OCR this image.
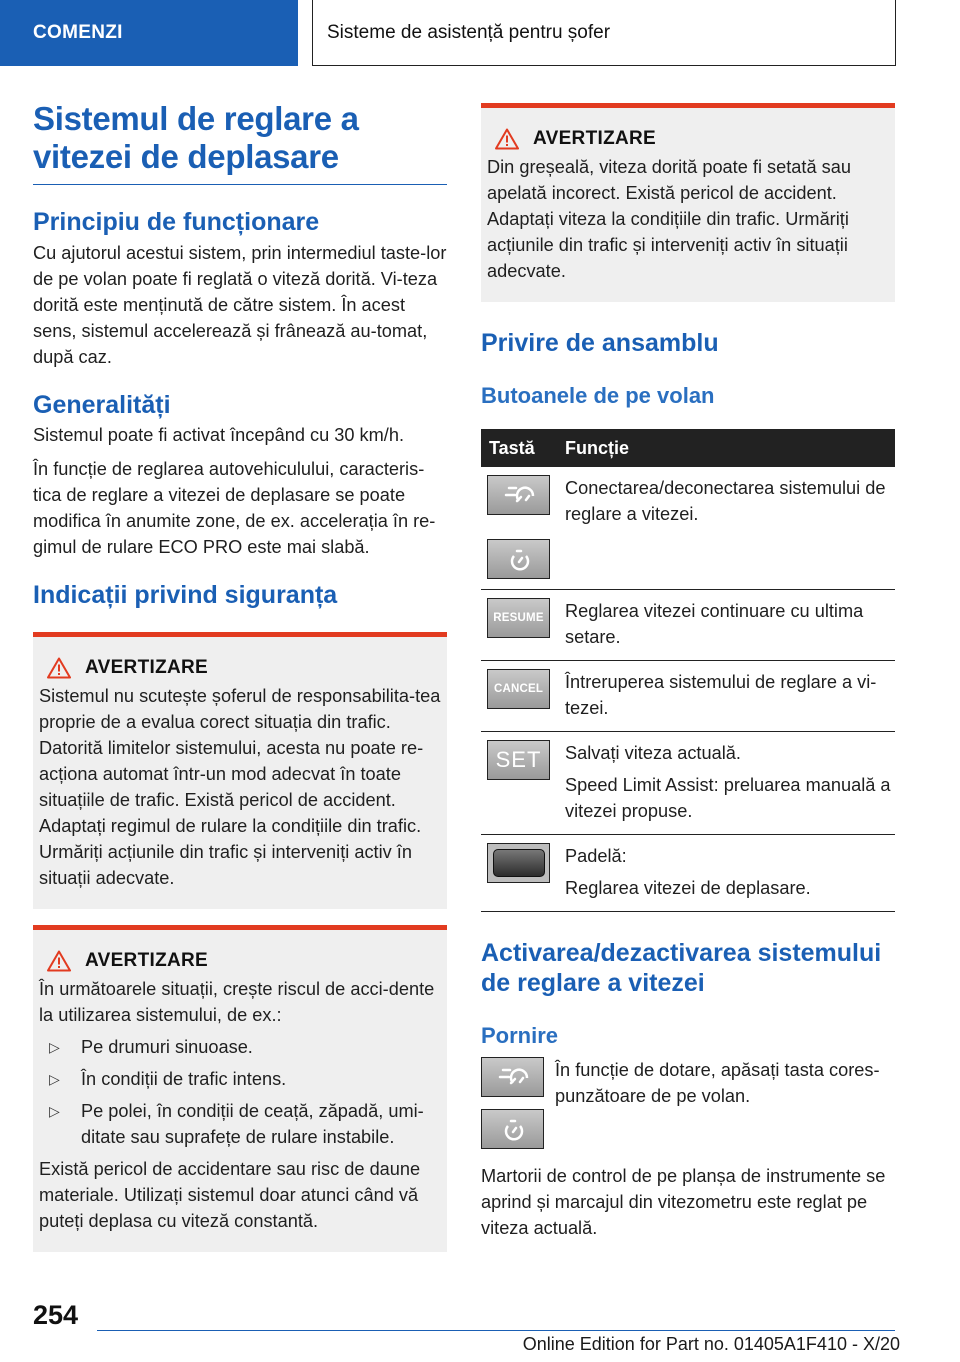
COMENZI	Sisteme de asistență pentru șofer
Sistemul de reglare a vitezei de deplasare
Principiu de funcționare

Cu ajutorul acestui sistem, prin intermediul taste-lor de pe volan poate fi reglată o viteză dorită. Vi-teza dorită este menținută de către sistem. În acest sens, sistemul accelerează și frânează au-tomat, după caz.

Generalități

Sistemul poate fi activat începând cu 30 km/h.

În funcție de reglarea autovehiculului, caracteris-tica de reglare a vitezei de deplasare se poate modifica în anumite zone, de ex. accelerația în re-gimul de rulare ECO PRO este mai slabă.

Indicații privind siguranța
AVERTIZARE

Sistemul nu scutește șoferul de responsabilita-tea proprie de a evalua corect situația din trafic. Datorită limitelor sistemului, acesta nu poate re-acționa automat într-un mod adecvat în toate situațiile de trafic. Există pericol de accident. Adaptați regimul de rulare la condițiile din trafic. Urmăriți acțiunile din trafic și interveniți activ în situații adecvate.

AVERTIZARE

În următoarele situații, crește riscul de acci-dente la utilizarea sistemului, de ex.:

▷	Pe drumuri sinuoase.
▷	În condiții de trafic intens.
▷	Pe polei, în condiții de ceață, zăpadă, umi-ditate sau suprafețe de rulare instabile.

Există pericol de accidentare sau risc de daune materiale. Utilizați sistemul doar atunci când vă puteți deplasa cu viteză constantă.

AVERTIZARE

Din greșeală, viteza dorită poate fi setată sau apelată incorect. Există pericol de accident. Adaptați viteza la condițiile din trafic. Urmăriți acțiunile din trafic și interveniți activ în situații adecvate.

Privire de ansamblu
Butoanele de pe volan
Tastă	Funcție

Conectarea/deconectarea sistemului de reglare a vitezei.

RESUME	Reglarea vitezei continuare cu ultima setare.

CANCEL	Întreruperea sistemului de reglare a vi-tezei.

SET	Salvați viteza actuală.

Speed Limit Assist: preluarea manuală a vitezei propuse.

	Padelă:

Reglarea vitezei de deplasare.

Activarea/dezactivarea sistemului de reglare a vitezei
Pornire

În funcție de dotare, apăsați tasta cores-punzătoare de pe volan.

Martorii de control de pe planșa de instrumente se aprind și marcajul din vitezometru este reglat pe viteza actuală.

254
Online Edition for Part no. 01405A1F410 - X/20
